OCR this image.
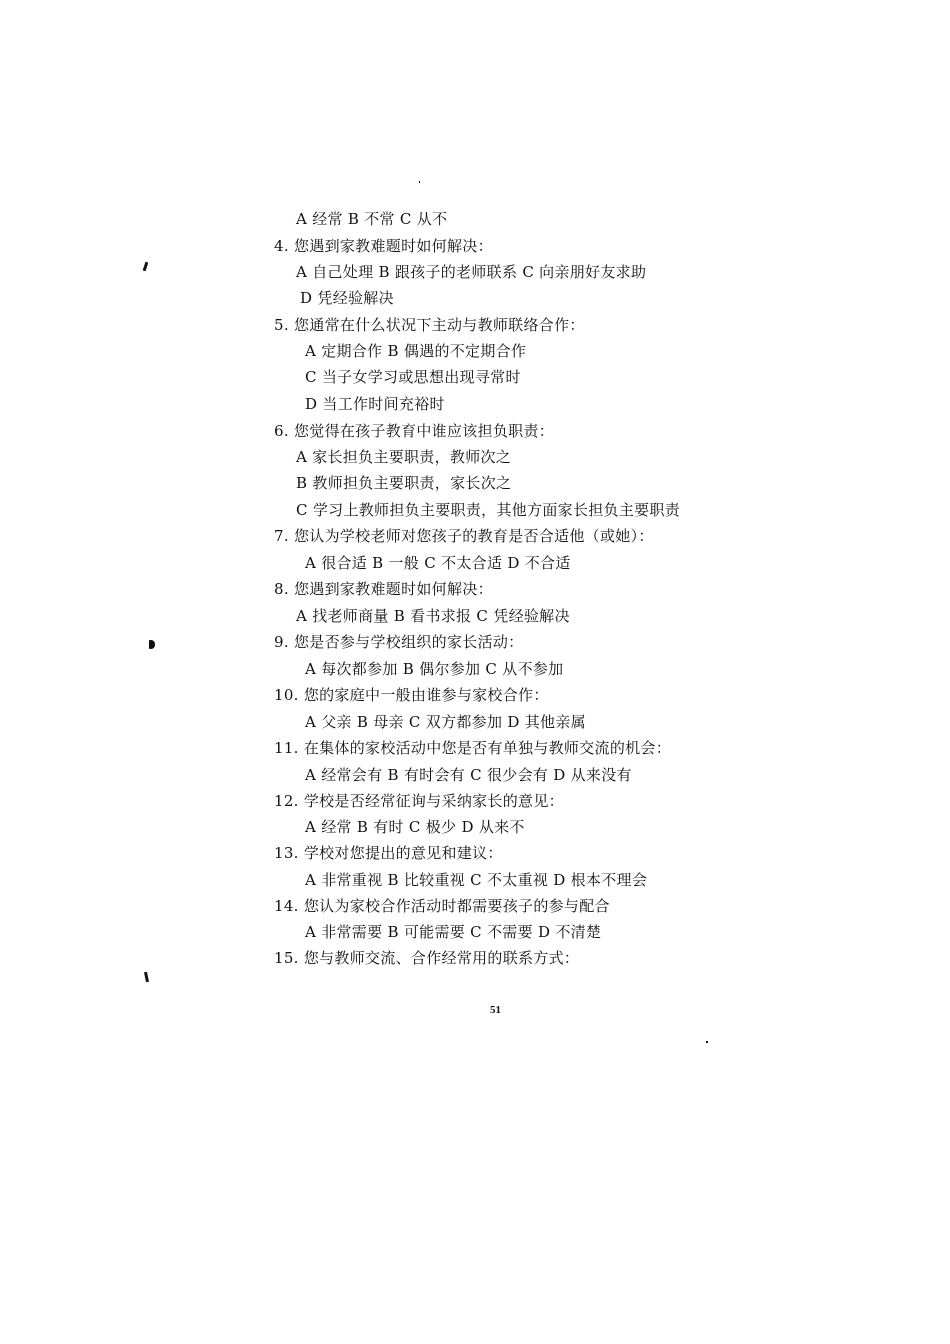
A 经常 B 不常 C 从不
4. 您遇到家教难题时如何解决：
A 自己处理 B 跟孩子的老师联系 C 向亲朋好友求助
D 凭经验解决
5. 您通常在什么状况下主动与教师联络合作：
A 定期合作 B 偶遇的不定期合作
C 当子女学习或思想出现寻常时
D 当工作时间充裕时
6. 您觉得在孩子教育中谁应该担负职责：
A 家长担负主要职责，教师次之
B 教师担负主要职责，家长次之
C 学习上教师担负主要职责，其他方面家长担负主要职责
7. 您认为学校老师对您孩子的教育是否合适他（或她）：
A 很合适 B 一般 C 不太合适 D 不合适
8. 您遇到家教难题时如何解决：
A 找老师商量 B 看书求报 C 凭经验解决
9. 您是否参与学校组织的家长活动：
A 每次都参加 B 偶尔参加 C 从不参加
10. 您的家庭中一般由谁参与家校合作：
A 父亲 B 母亲 C 双方都参加 D 其他亲属
11. 在集体的家校活动中您是否有单独与教师交流的机会：
A 经常会有 B 有时会有 C 很少会有 D 从来没有
12. 学校是否经常征询与采纳家长的意见：
A 经常 B 有时 C 极少 D 从来不
13. 学校对您提出的意见和建议：
A 非常重视 B 比较重视 C 不太重视 D 根本不理会
14. 您认为家校合作活动时都需要孩子的参与配合
A 非常需要 B 可能需要 C 不需要 D 不清楚
15. 您与教师交流、合作经常用的联系方式：
51
